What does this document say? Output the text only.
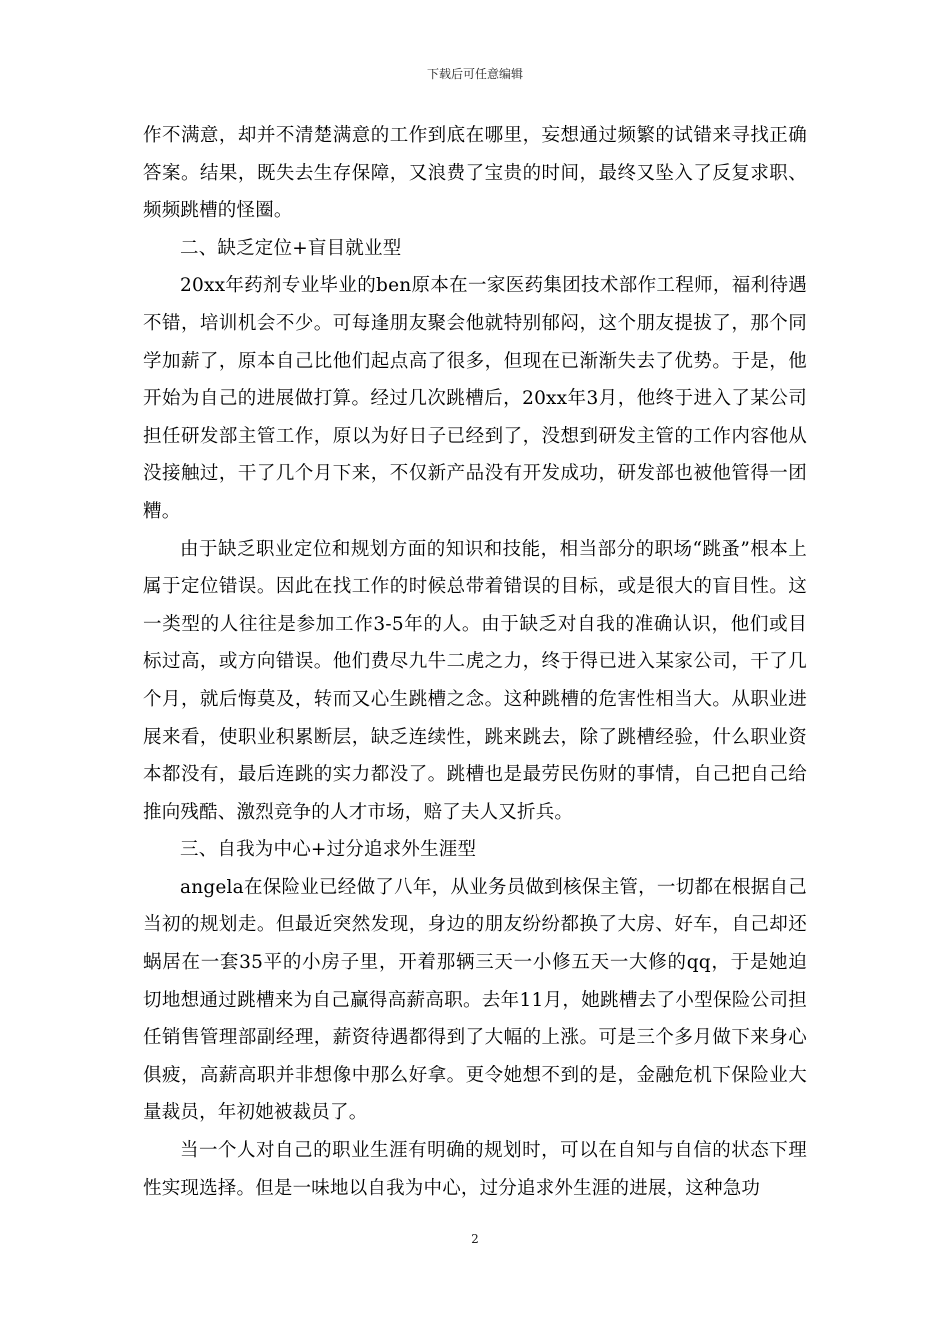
下载后可任意编辑

作不满意，却并不清楚满意的工作到底在哪里，妄想通过频繁的试错来寻找正确答案。结果，既失去生存保障，又浪费了宝贵的时间，最终又坠入了反复求职、频频跳槽的怪圈。

二、缺乏定位+盲目就业型

20xx年药剂专业毕业的ben原本在一家医药集团技术部作工程师，福利待遇不错，培训机会不少。可每逢朋友聚会他就特别郁闷，这个朋友提拔了，那个同学加薪了，原本自己比他们起点高了很多，但现在已渐渐失去了优势。于是，他开始为自己的进展做打算。经过几次跳槽后，20xx年3月，他终于进入了某公司担任研发部主管工作，原以为好日子已经到了，没想到研发主管的工作内容他从没接触过，干了几个月下来，不仅新产品没有开发成功，研发部也被他管得一团糟。

由于缺乏职业定位和规划方面的知识和技能，相当部分的职场“跳蚤”根本上属于定位错误。因此在找工作的时候总带着错误的目标，或是很大的盲目性。这一类型的人往往是参加工作3-5年的人。由于缺乏对自我的准确认识，他们或目标过高，或方向错误。他们费尽九牛二虎之力，终于得已进入某家公司，干了几个月，就后悔莫及，转而又心生跳槽之念。这种跳槽的危害性相当大。从职业进展来看，使职业积累断层，缺乏连续性，跳来跳去，除了跳槽经验，什么职业资本都没有，最后连跳的实力都没了。跳槽也是最劳民伤财的事情，自己把自己给推向残酷、激烈竞争的人才市场，赔了夫人又折兵。

三、自我为中心+过分追求外生涯型

angela在保险业已经做了八年，从业务员做到核保主管，一切都在根据自己当初的规划走。但最近突然发现，身边的朋友纷纷都换了大房、好车，自己却还蜗居在一套35平的小房子里，开着那辆三天一小修五天一大修的qq，于是她迫切地想通过跳槽来为自己赢得高薪高职。去年11月，她跳槽去了小型保险公司担任销售管理部副经理，薪资待遇都得到了大幅的上涨。可是三个多月做下来身心俱疲，高薪高职并非想像中那么好拿。更令她想不到的是，金融危机下保险业大量裁员，年初她被裁员了。

当一个人对自己的职业生涯有明确的规划时，可以在自知与自信的状态下理性实现选择。但是一味地以自我为中心，过分追求外生涯的进展，这种急功

2
